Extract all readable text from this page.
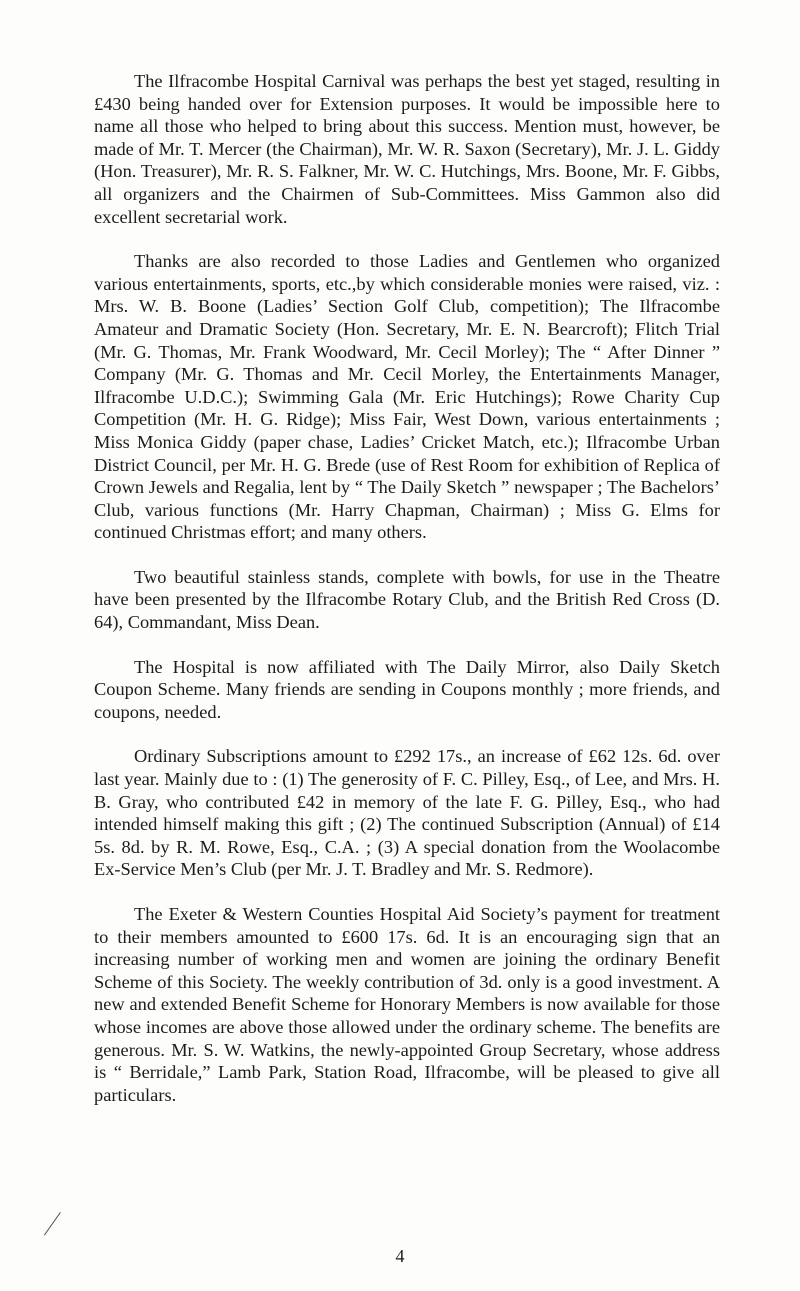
The Ilfracombe Hospital Carnival was perhaps the best yet staged, resulting in £430 being handed over for Extension purposes. It would be impossible here to name all those who helped to bring about this success. Mention must, however, be made of Mr. T. Mercer (the Chairman), Mr. W. R. Saxon (Secretary), Mr. J. L. Giddy (Hon. Treasurer), Mr. R. S. Falkner, Mr. W. C. Hutchings, Mrs. Boone, Mr. F. Gibbs, all organizers and the Chairmen of Sub-Committees. Miss Gammon also did excellent secretarial work.

Thanks are also recorded to those Ladies and Gentlemen who organized various entertainments, sports, etc.,by which considerable monies were raised, viz. : Mrs. W. B. Boone (Ladies’ Section Golf Club, competition); The Ilfracombe Amateur and Dramatic Society (Hon. Secretary, Mr. E. N. Bearcroft); Flitch Trial (Mr. G. Thomas, Mr. Frank Woodward, Mr. Cecil Morley); The “ After Dinner ” Company (Mr. G. Thomas and Mr. Cecil Morley, the Entertainments Manager, Ilfracombe U.D.C.); Swimming Gala (Mr. Eric Hutchings); Rowe Charity Cup Competition (Mr. H. G. Ridge); Miss Fair, West Down, various entertainments ; Miss Monica Giddy (paper chase, Ladies’ Cricket Match, etc.); Ilfracombe Urban District Council, per Mr. H. G. Brede (use of Rest Room for exhibition of Replica of Crown Jewels and Regalia, lent by “ The Daily Sketch ” newspaper ; The Bachelors’ Club, various functions (Mr. Harry Chapman, Chairman) ; Miss G. Elms for continued Christmas effort; and many others.

Two beautiful stainless stands, complete with bowls, for use in the Theatre have been presented by the Ilfracombe Rotary Club, and the British Red Cross (D. 64), Commandant, Miss Dean.

The Hospital is now affiliated with The Daily Mirror, also Daily Sketch Coupon Scheme. Many friends are sending in Coupons monthly ; more friends, and coupons, needed.

Ordinary Subscriptions amount to £292 17s., an increase of £62 12s. 6d. over last year. Mainly due to : (1) The generosity of F. C. Pilley, Esq., of Lee, and Mrs. H. B. Gray, who contributed £42 in memory of the late F. G. Pilley, Esq., who had intended himself making this gift ; (2) The continued Subscription (Annual) of £14 5s. 8d. by R. M. Rowe, Esq., C.A. ; (3) A special donation from the Woolacombe Ex-Service Men’s Club (per Mr. J. T. Bradley and Mr. S. Redmore).

The Exeter & Western Counties Hospital Aid Society’s payment for treatment to their members amounted to £600 17s. 6d. It is an encouraging sign that an increasing number of working men and women are joining the ordinary Benefit Scheme of this Society. The weekly contribution of 3d. only is a good investment. A new and extended Benefit Scheme for Honorary Members is now available for those whose incomes are above those allowed under the ordinary scheme. The benefits are generous. Mr. S. W. Watkins, the newly-appointed Group Secretary, whose address is “ Berridale,” Lamb Park, Station Road, Ilfracombe, will be pleased to give all particulars.

4
